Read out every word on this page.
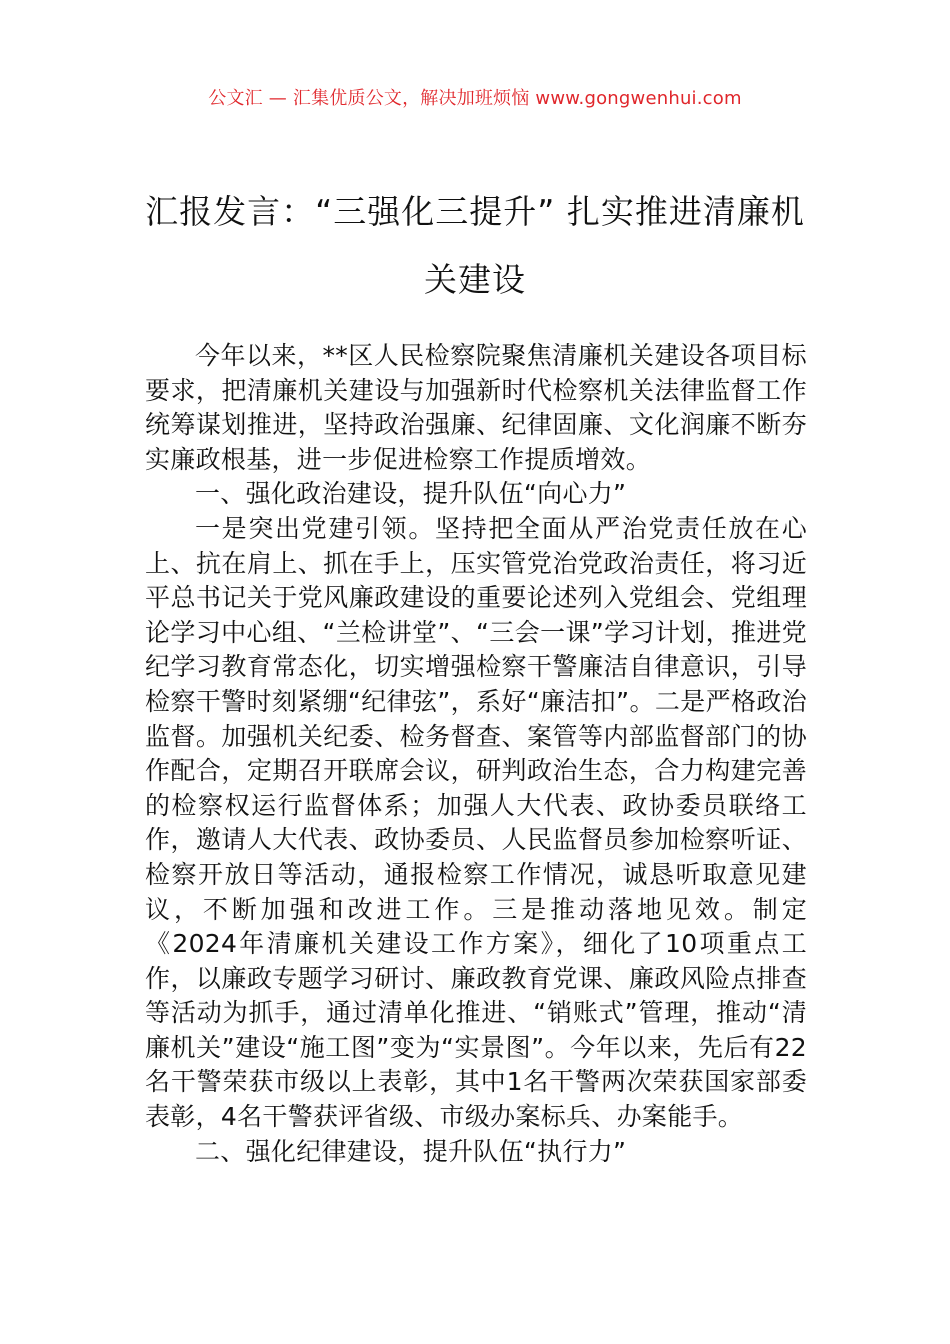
公文汇 — 汇集优质公文，解决加班烦恼 www.gongwenhui.com
汇报发言：“三强化三提升” 扎实推进清廉机关建设

今年以来，**区人民检察院聚焦清廉机关建设各项目标要求，把清廉机关建设与加强新时代检察机关法律监督工作统筹谋划推进，坚持政治强廉、纪律固廉、文化润廉不断夯实廉政根基，进一步促进检察工作提质增效。

一、强化政治建设，提升队伍“向心力”

一是突出党建引领。坚持把全面从严治党责任放在心上、抗在肩上、抓在手上，压实管党治党政治责任，将习近平总书记关于党风廉政建设的重要论述列入党组会、党组理论学习中心组、“兰检讲堂”、“三会一课”学习计划，推进党纪学习教育常态化，切实增强检察干警廉洁自律意识，引导检察干警时刻紧绷“纪律弦”，系好“廉洁扣”。二是严格政治监督。加强机关纪委、检务督查、案管等内部监督部门的协作配合，定期召开联席会议，研判政治生态，合力构建完善的检察权运行监督体系；加强人大代表、政协委员联络工作，邀请人大代表、政协委员、人民监督员参加检察听证、检察开放日等活动，通报检察工作情况，诚恳听取意见建议，不断加强和改进工作。三是推动落地见效。制定《2024年清廉机关建设工作方案》，细化了10项重点工作，以廉政专题学习研讨、廉政教育党课、廉政风险点排查等活动为抓手，通过清单化推进、“销账式”管理，推动“清廉机关”建设“施工图”变为“实景图”。今年以来，先后有22名干警荣获市级以上表彰，其中1名干警两次荣获国家部委表彰，4名干警获评省级、市级办案标兵、办案能手。

二、强化纪律建设，提升队伍“执行力”
